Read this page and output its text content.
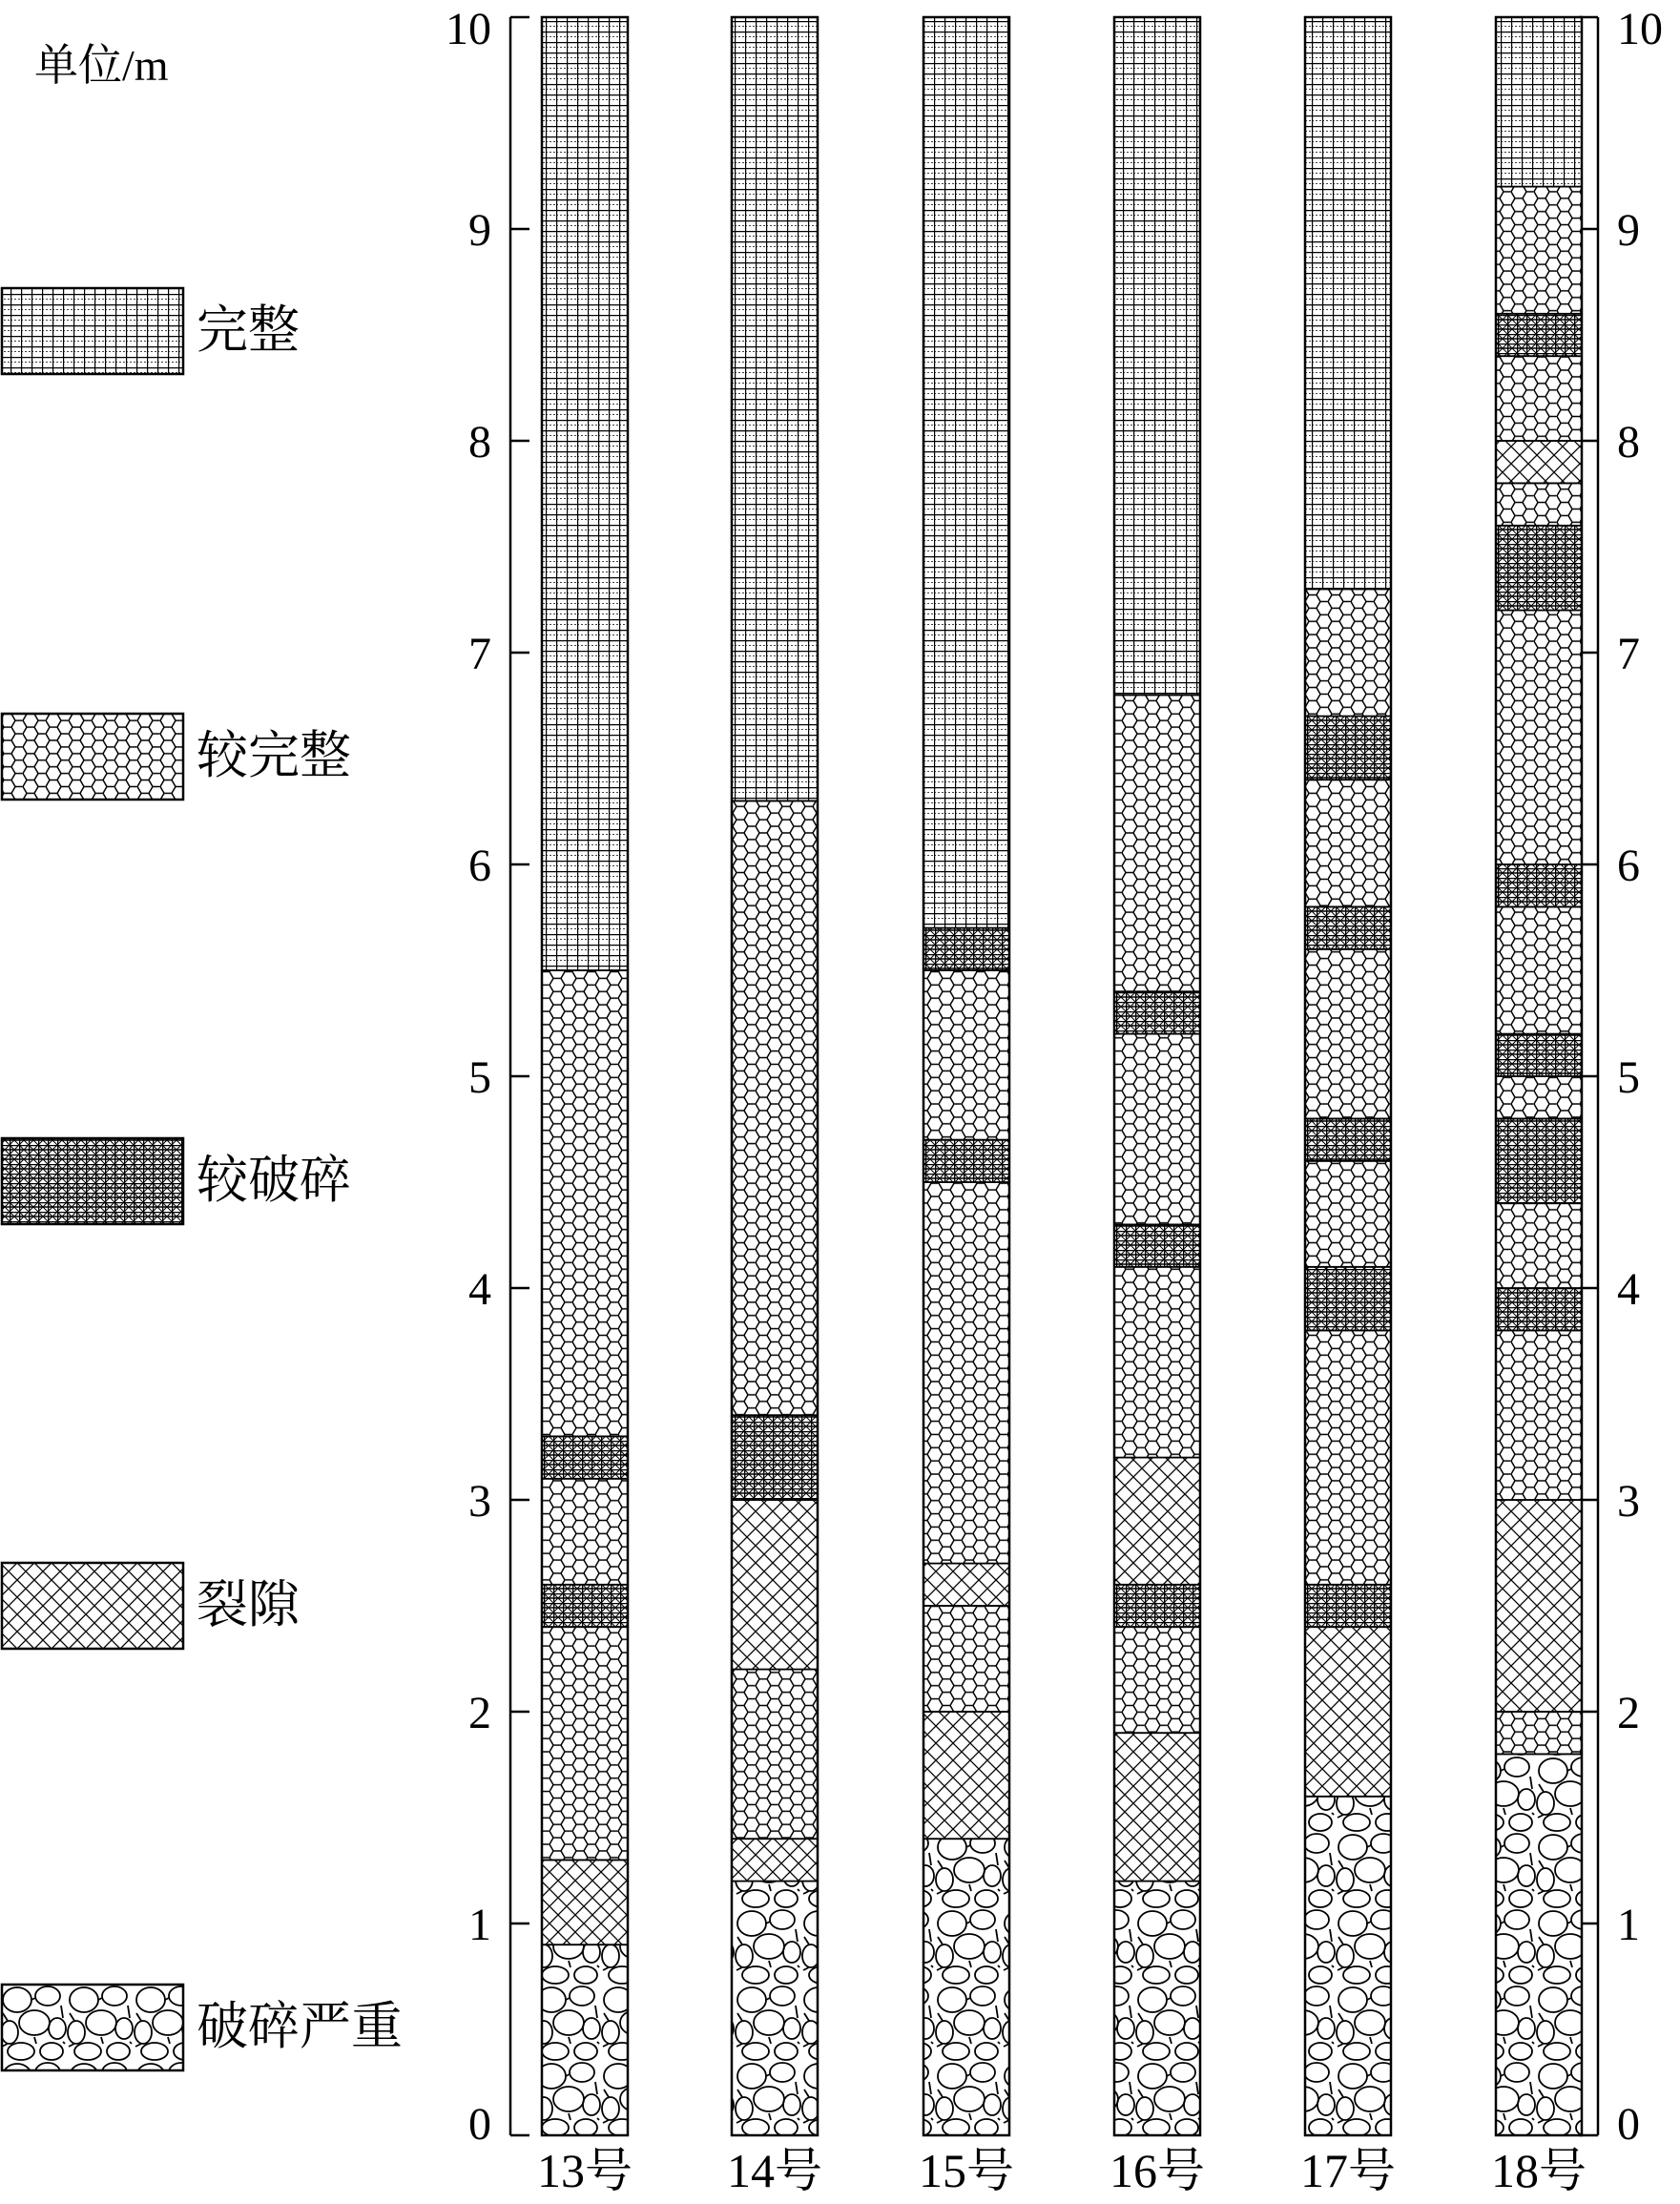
单位/m
完整
较完整
较破碎
裂隙
破碎严重
0
1
2
3
4
5
6
7
8
9
10
0
1
2
3
4
5
6
7
8
9
10
13号 14号 15号 16号 17号 18号
